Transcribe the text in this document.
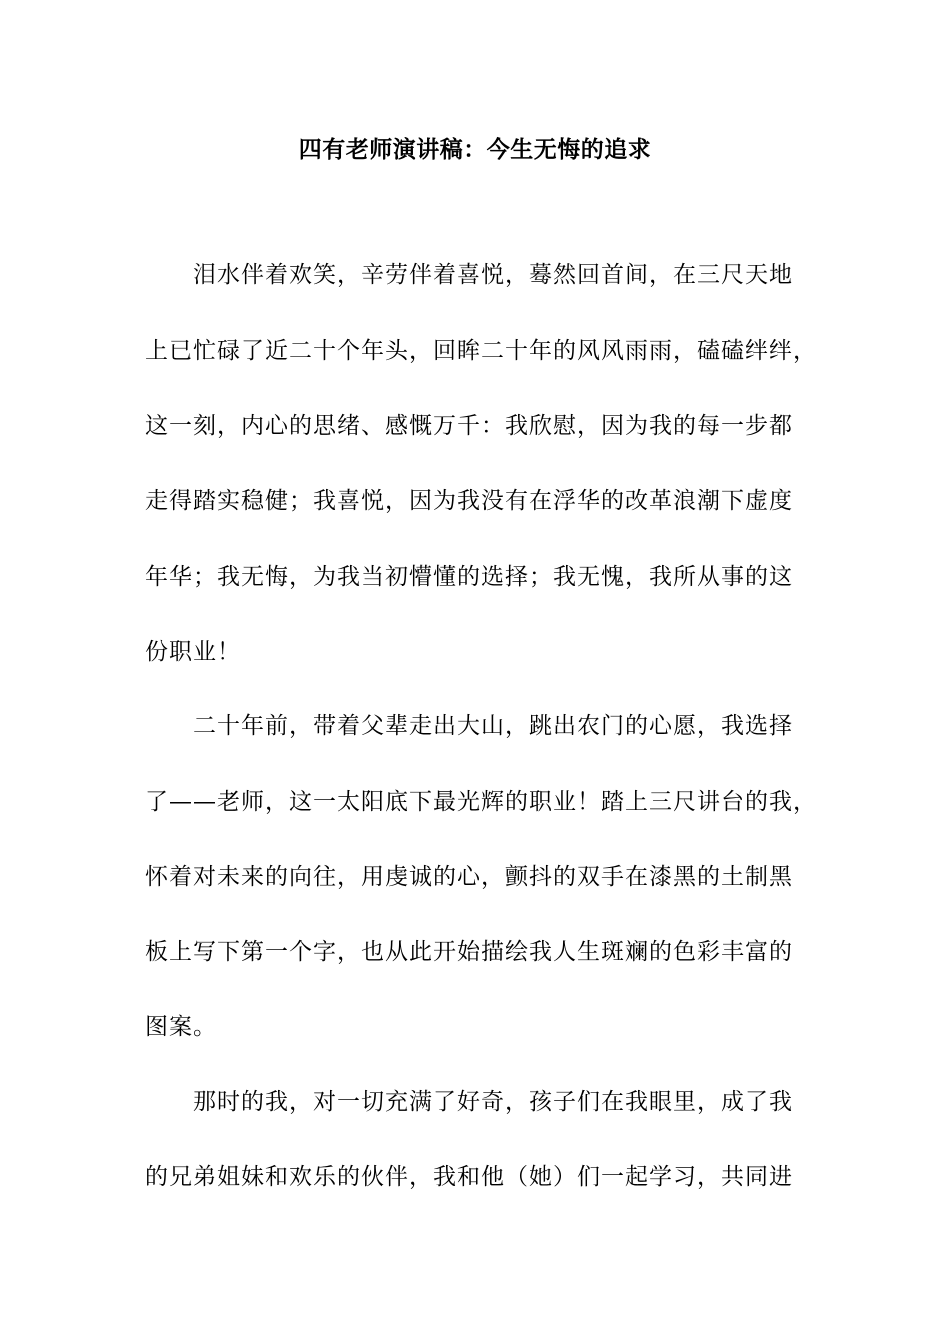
四有老师演讲稿：今生无悔的追求
泪水伴着欢笑，辛劳伴着喜悦，蓦然回首间，在三尺天地
上已忙碌了近二十个年头，回眸二十年的风风雨雨，磕磕绊绊，
这一刻，内心的思绪、感慨万千：我欣慰，因为我的每一步都
走得踏实稳健；我喜悦，因为我没有在浮华的改革浪潮下虚度
年华；我无悔，为我当初懵懂的选择；我无愧，我所从事的这
份职业！
二十年前，带着父辈走出大山，跳出农门的心愿，我选择
了——老师，这一太阳底下最光辉的职业！踏上三尺讲台的我，
怀着对未来的向往，用虔诚的心，颤抖的双手在漆黑的土制黑
板上写下第一个字，也从此开始描绘我人生斑斓的色彩丰富的
图案。
那时的我，对一切充满了好奇，孩子们在我眼里，成了我
的兄弟姐妹和欢乐的伙伴，我和他（她）们一起学习，共同进
